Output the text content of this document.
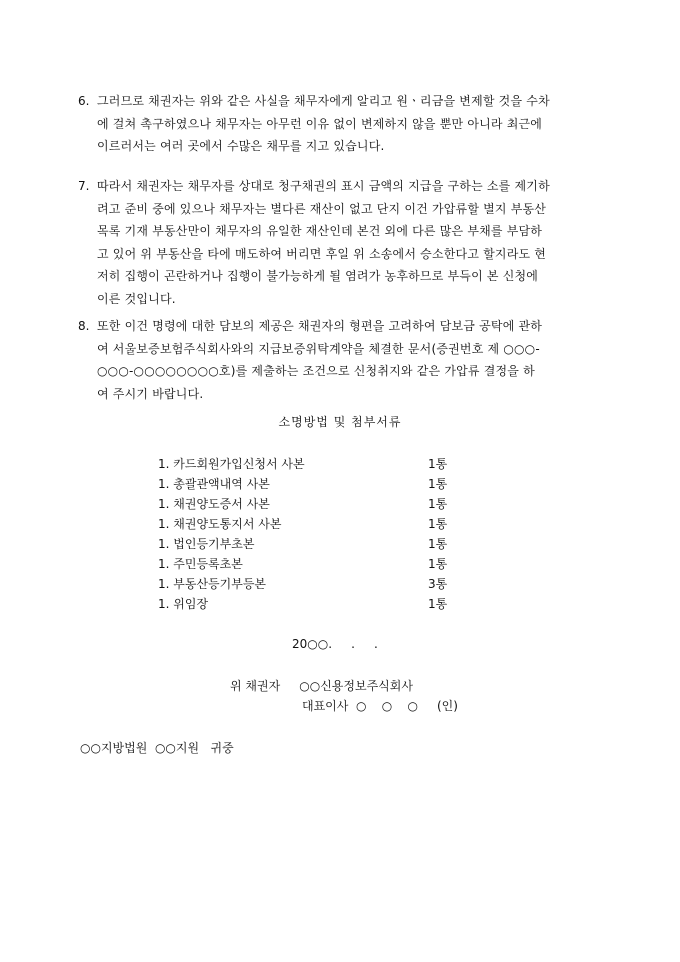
6. 그러므로 채권자는 위와 같은 사실을 채무자에게 알리고 원ㆍ리금을 변제할 것을 수차
에 걸쳐 촉구하였으나 채무자는 아무런 이유 없이 변제하지 않을 뿐만 아니라 최근에
이르러서는 여러 곳에서 수많은 채무를 지고 있습니다.
7. 따라서 채권자는 채무자를 상대로 청구채권의 표시 금액의 지급을 구하는 소를 제기하
려고 준비 중에 있으나 채무자는 별다른 재산이 없고 단지 이건 가압류할 별지 부동산
목록 기재 부동산만이 채무자의 유일한 재산인데 본건 외에 다른 많은 부채를 부담하
고 있어 위 부동산을 타에 매도하여 버리면 후일 위 소송에서 승소한다고 할지라도 현
저히 집행이 곤란하거나 집행이 불가능하게 될 염려가 농후하므로 부득이 본 신청에
이른 것입니다.
8. 또한 이건 명령에 대한 담보의 제공은 채권자의 형편을 고려하여 담보금 공탁에 관하
여 서울보증보험주식회사와의 지급보증위탁계약을 체결한 문서(증권번호 제 ○○○-
○○○-○○○○○○○○호)를 제출하는 조건으로 신청취지와 같은 가압류 결정을 하
여 주시기 바랍니다.
소명방법 및 첨부서류
1. 카드회원가입신청서 사본	1통
1. 총괄관액내역 사본	1통
1. 채권양도증서 사본	1통
1. 채권양도통지서 사본	1통
1. 법인등기부초본	1통
1. 주민등록초본	1통
1. 부동산등기부등본	3통
1. 위임장	1통
20○○.     .     .
위 채권자     ○○신용정보주식회사
대표이사  ○    ○    ○     (인)
○○지방법원  ○○지원   귀중
